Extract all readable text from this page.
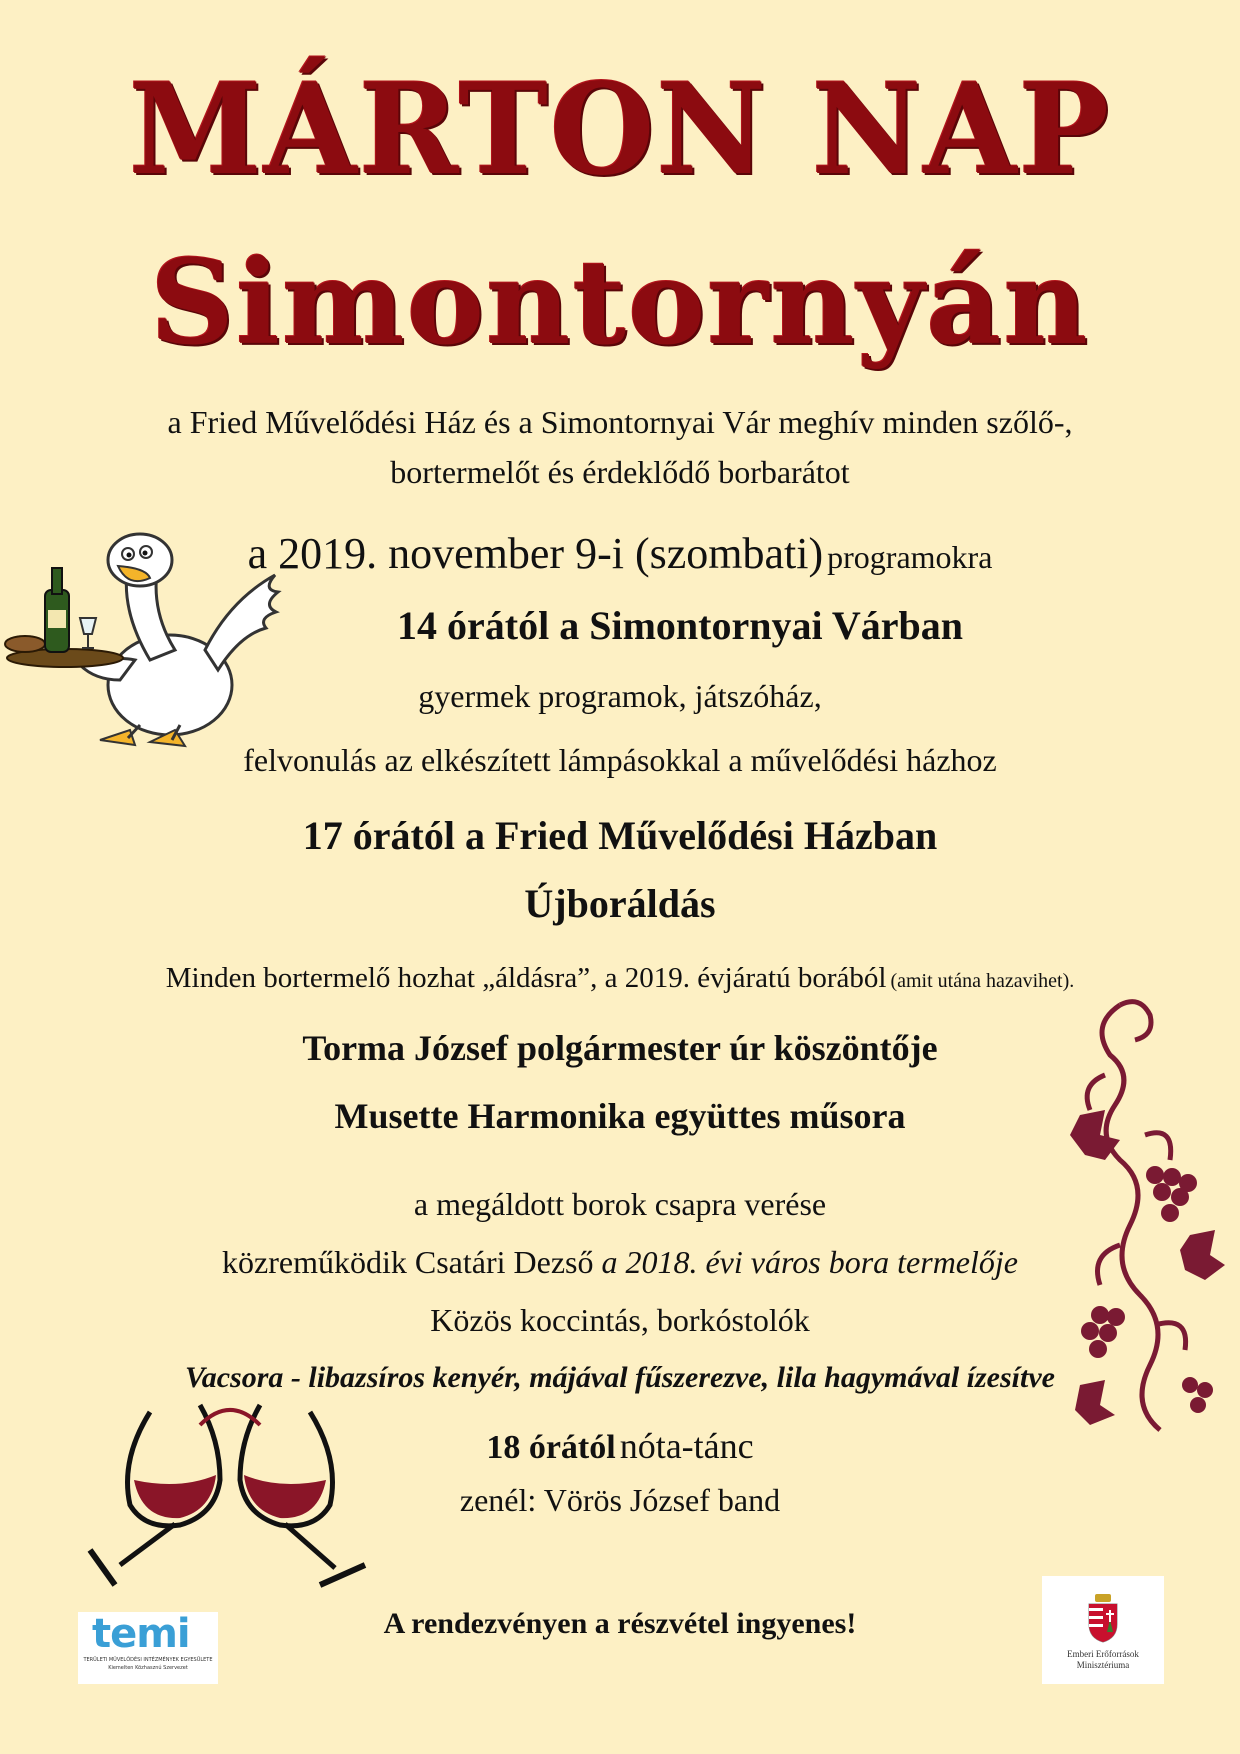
MÁRTON NAP
Simontornyán
a Fried Művelődési Ház és a Simontornyai Vár meghív minden szőlő-,
bortermelőt és érdeklődő borbarátot
a 2019. november 9-i (szombati) programokra
14 órától a Simontornyai Várban
gyermek programok, játszóház,
felvonulás az elkészített lámpásokkal a művelődési házhoz
17 órától a Fried Művelődési Házban
Újboráldás
Minden bortermelő hozhat „áldásra”, a 2019. évjáratú borából (amit utána hazavihet).
Torma József polgármester úr köszöntője
Musette Harmonika együttes műsora
a megáldott borok csapra verése
közreműködik Csatári Dezső a 2018. évi város bora termelője
Közös koccintás, borkóstolók
Vacsora - libazsíros kenyér, májával fűszerezve, lila hagymával ízesítve
18 órától nóta-tánc
zenél: Vörös József band
A rendezvényen a részvétel ingyenes!
temi
TERÜLETI MŰVELŐDÉSI INTÉZMÉNYEK EGYESÜLETE
Kiemelten Közhasznú Szervezet
Emberi Erőforrások
Minisztériuma
